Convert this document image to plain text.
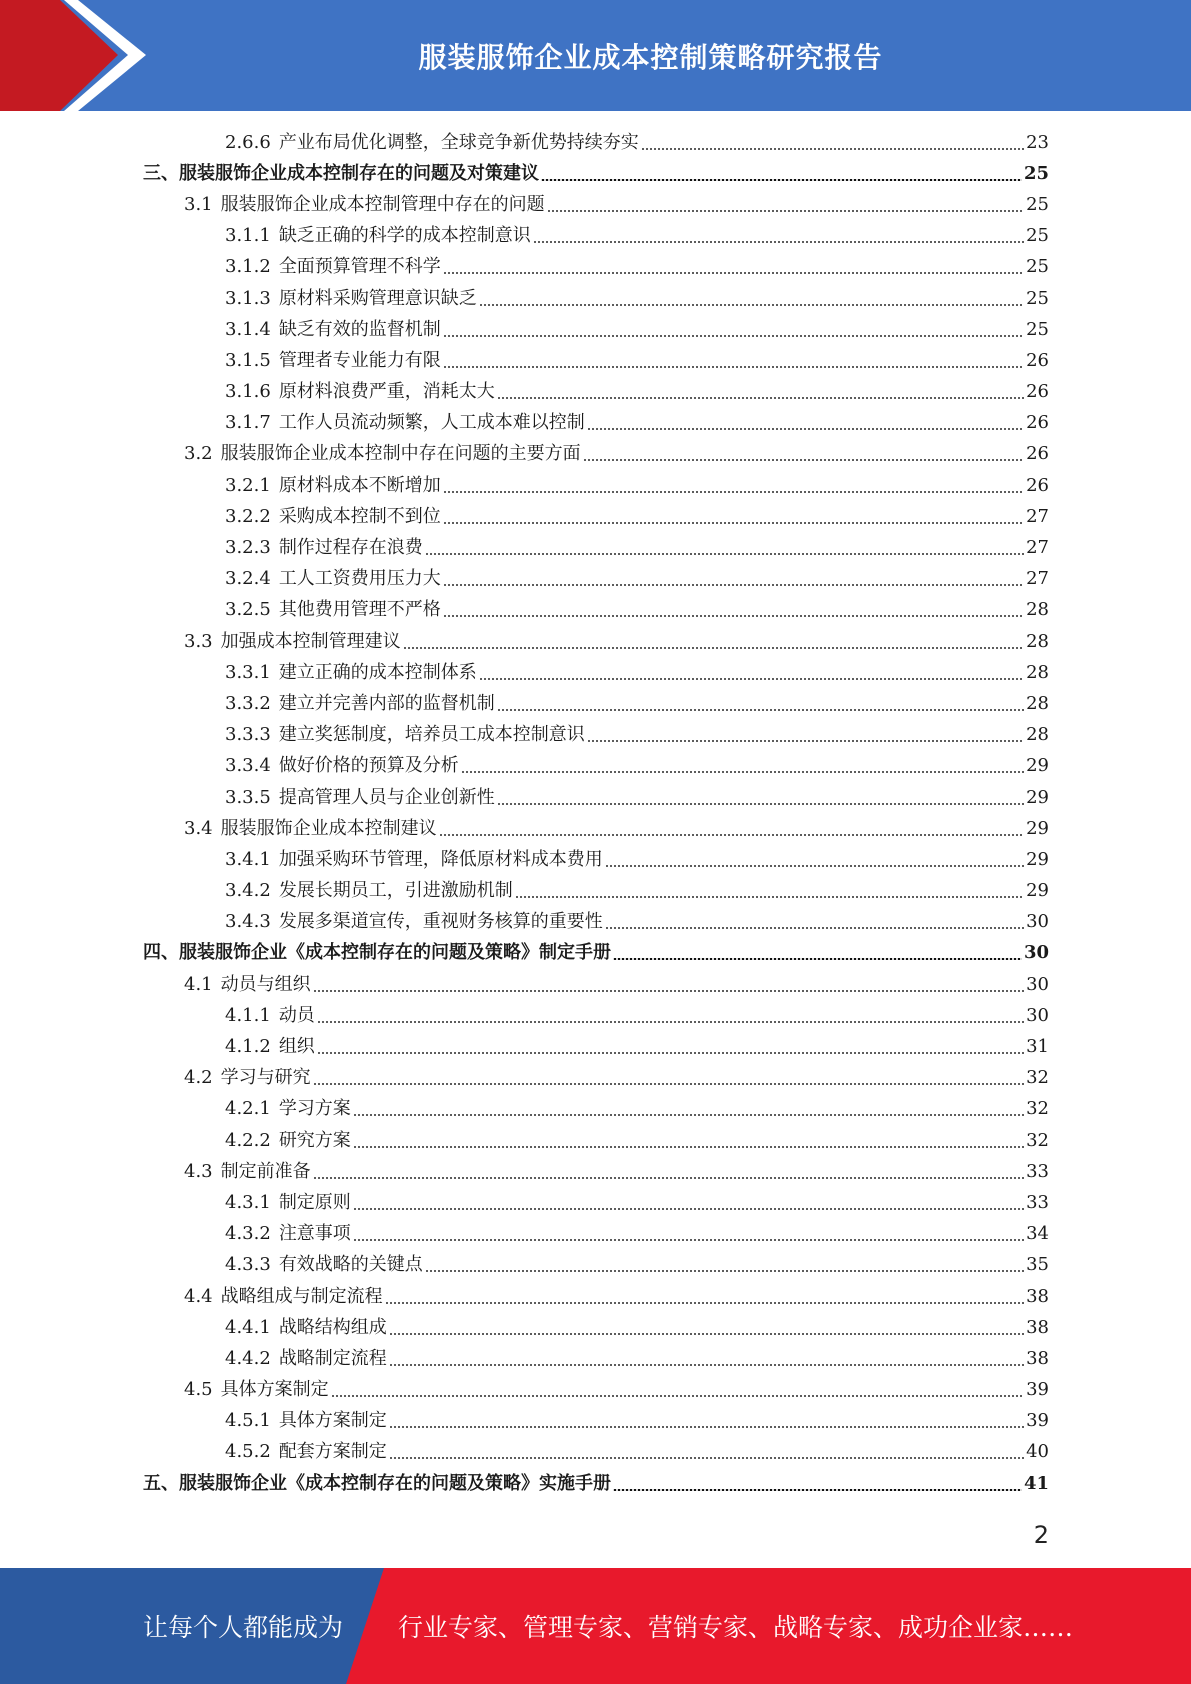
服装服饰企业成本控制策略研究报告
2.6.6 产业布局优化调整，全球竞争新优势持续夯实	23
三、服装服饰企业成本控制存在的问题及对策建议	25
3.1 服装服饰企业成本控制管理中存在的问题	25
3.1.1 缺乏正确的科学的成本控制意识	25
3.1.2 全面预算管理不科学	25
3.1.3 原材料采购管理意识缺乏	25
3.1.4 缺乏有效的监督机制	25
3.1.5 管理者专业能力有限	26
3.1.6 原材料浪费严重，消耗太大	26
3.1.7 工作人员流动频繁，人工成本难以控制	26
3.2 服装服饰企业成本控制中存在问题的主要方面	26
3.2.1 原材料成本不断增加	26
3.2.2 采购成本控制不到位	27
3.2.3 制作过程存在浪费	27
3.2.4 工人工资费用压力大	27
3.2.5 其他费用管理不严格	28
3.3 加强成本控制管理建议	28
3.3.1 建立正确的成本控制体系	28
3.3.2 建立并完善内部的监督机制	28
3.3.3 建立奖惩制度，培养员工成本控制意识	28
3.3.4 做好价格的预算及分析	29
3.3.5 提高管理人员与企业创新性	29
3.4 服装服饰企业成本控制建议	29
3.4.1 加强采购环节管理，降低原材料成本费用	29
3.4.2 发展长期员工，引进激励机制	29
3.4.3 发展多渠道宣传，重视财务核算的重要性	30
四、服装服饰企业《成本控制存在的问题及策略》制定手册	30
4.1 动员与组织	30
4.1.1 动员	30
4.1.2 组织	31
4.2 学习与研究	32
4.2.1 学习方案	32
4.2.2 研究方案	32
4.3 制定前准备	33
4.3.1 制定原则	33
4.3.2 注意事项	34
4.3.3 有效战略的关键点	35
4.4 战略组成与制定流程	38
4.4.1 战略结构组成	38
4.4.2 战略制定流程	38
4.5 具体方案制定	39
4.5.1 具体方案制定	39
4.5.2 配套方案制定	40
五、服装服饰企业《成本控制存在的问题及策略》实施手册	41
2
让每个人都能成为 行业专家、管理专家、营销专家、战略专家、成功企业家……
